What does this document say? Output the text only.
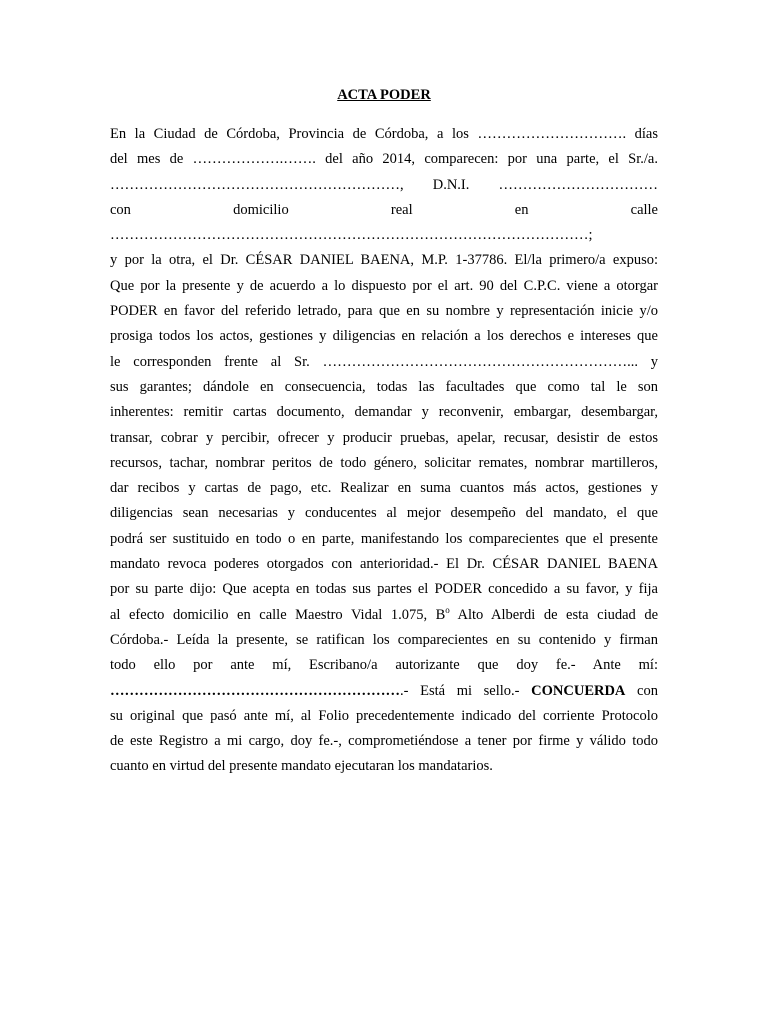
ACTA PODER
En la Ciudad de Córdoba, Provincia de Córdoba, a los …………………………. días
del mes de ……………….……. del año 2014, comparecen: por una parte, el Sr./a.
……………………………………………………, D.N.I. ……………………………
con domicilio real en calle
………………………………………………………………………………………;
y por la otra, el Dr. CÉSAR DANIEL BAENA, M.P. 1-37786. El/la primero/a expuso:
Que por la presente y de acuerdo a lo dispuesto por el art. 90 del C.P.C. viene a otorgar
PODER en favor del referido letrado, para que en su nombre y representación inicie y/o
prosiga todos los actos, gestiones y diligencias en relación a los derechos e intereses que
le corresponden frente al Sr. ………………………………………………………... y
sus garantes; dándole en consecuencia, todas las facultades que como tal le son
inherentes: remitir cartas documento, demandar y reconvenir, embargar, desembargar,
transar, cobrar y percibir, ofrecer y producir pruebas, apelar, recusar, desistir de estos
recursos, tachar, nombrar peritos de todo género, solicitar remates, nombrar martilleros,
dar recibos y cartas de pago, etc. Realizar en suma cuantos más actos, gestiones y
diligencias sean necesarias y conducentes al mejor desempeño del mandato, el que
podrá ser sustituido en todo o en parte, manifestando los comparecientes que el presente
mandato revoca poderes otorgados con anterioridad.- El Dr. CÉSAR DANIEL BAENA
por su parte dijo: Que acepta en todas sus partes el PODER concedido a su favor, y fija
al efecto domicilio en calle Maestro Vidal 1.075, $B^o$ Alto Alberdi de esta ciudad de
Córdoba.- Leída la presente, se ratifican los comparecientes en su contenido y firman
todo ello por ante mí, Escribano/a autorizante que doy fe.- Ante mí:
…………………………………………………….- Está mi sello.- CONCUERDA con
su original que pasó ante mí, al Folio precedentemente indicado del corriente Protocolo
de este Registro a mi cargo, doy fe.-, comprometiéndose a tener por firme y válido todo
cuanto en virtud del presente mandato ejecutaran los mandatarios.
